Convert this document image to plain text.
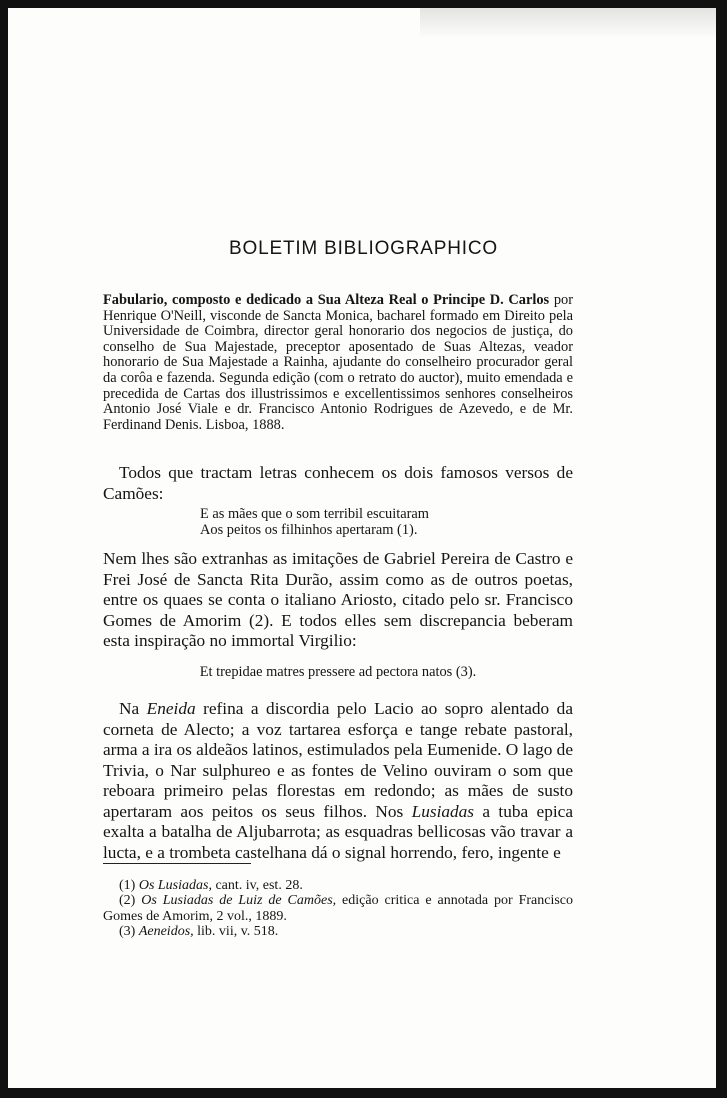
BOLETIM BIBLIOGRAPHICO

Fabulario, composto e dedicado a Sua Alteza Real o Principe D. Carlos por Henrique O'Neill, visconde de Sancta Monica, bacharel formado em Direito pela Universidade de Coimbra, director geral honorario dos negocios de justiça, do conselho de Sua Majestade, preceptor aposentado de Suas Altezas, veador honorario de Sua Majestade a Rainha, ajudante do conselheiro procurador geral da corôa e fazenda. Segunda edição (com o retrato do auctor), muito emendada e precedida de Cartas dos illustrissimos e excellentissimos senhores conselheiros Antonio José Viale e dr. Francisco Antonio Rodrigues de Azevedo, e de Mr. Ferdinand Denis. Lisboa, 1888.

Todos que tractam letras conhecem os dois famosos versos de Camões:

E as mães que o som terribil escuitaram
Aos peitos os filhinhos apertaram (1).

Nem lhes são extranhas as imitações de Gabriel Pereira de Castro e Frei José de Sancta Rita Durão, assim como as de outros poetas, entre os quaes se conta o italiano Ariosto, citado pelo sr. Francisco Gomes de Amorim (2). E todos elles sem discrepancia beberam esta inspiração no immortal Virgilio:

Et trepidae matres pressere ad pectora natos (3).

Na Eneida refina a discordia pelo Lacio ao sopro alentado da corneta de Alecto; a voz tartarea esforça e tange rebate pastoral, arma a ira os aldeãos latinos, estimulados pela Eumenide. O lago de Trivia, o Nar sulphureo e as fontes de Velino ouviram o som que reboara primeiro pelas florestas em redondo; as mães de susto apertaram aos peitos os seus filhos. Nos Lusiadas a tuba epica exalta a batalha de Aljubarrota; as esquadras bellicosas vão travar a lucta, e a trombeta castelhana dá o signal horrendo, fero, ingente e

(1) Os Lusiadas, cant. iv, est. 28.
(2) Os Lusiadas de Luiz de Camões, edição critica e annotada por Francisco Gomes de Amorim, 2 vol., 1889.
(3) Aeneidos, lib. vii, v. 518.
